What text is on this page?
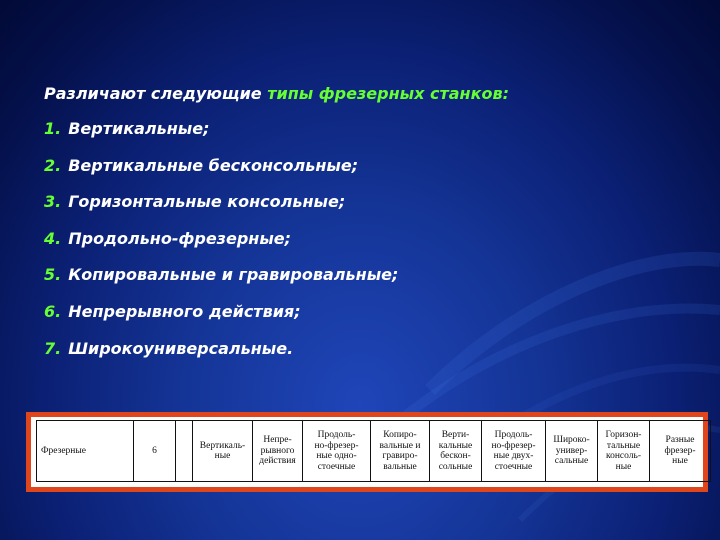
Различают следующие типы фрезерных станков:

1. Вертикальные;
2. Вертикальные бесконсольные;
3. Горизонтальные консольные;
4. Продольно-фрезерные;
5. Копировальные и гравировальные;
6. Непрерывного действия;
7. Широкоуниверсальные.
Фрезерные	6		Вертикаль-
ные	Непре-
рывного
действия	Продоль-
но-фрезер-
ные одно-
стоечные	Копиро-
вальные и
гравиро-
вальные	Верти-
кальные
бескон-
сольные	Продоль-
но-фрезер-
ные двух-
стоечные	Широко-
универ-
сальные	Горизон-
тальные
консоль-
ные	Разные
фрезер-
ные
